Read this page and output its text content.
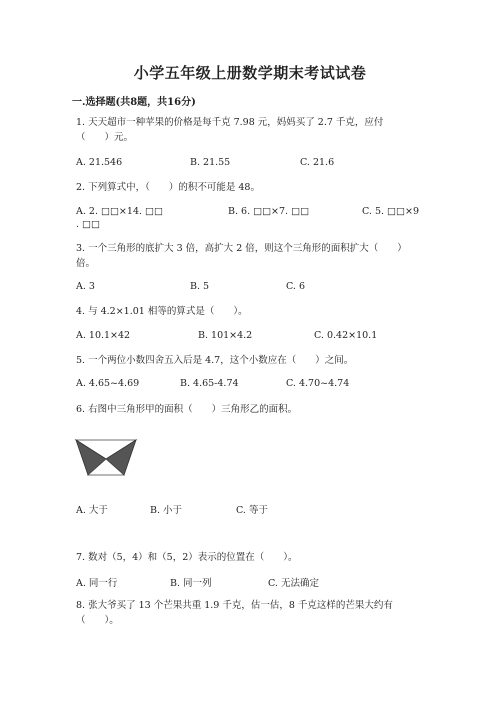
小学五年级上册数学期末考试试卷
一.选择题(共8题，共16分)
1. 天天超市一种苹果的价格是每千克 7.98 元，妈妈买了 2.7 千克，应付
（　　）元。
A. 21.546	B. 21.55	C. 21.6
2. 下列算式中，（　　）的积不可能是 48。
A. 2. □□×14. □□	B. 6. □□×7. □□	C. 5. □□×9
. □□
3. 一个三角形的底扩大 3 倍，高扩大 2 倍，则这个三角形的面积扩大（　　）
倍。
A. 3	B. 5	C. 6
4. 与 4.2×1.01 相等的算式是（　　）。
A. 10.1×42	B. 101×4.2	C. 0.42×10.1
5. 一个两位小数四舍五入后是 4.7，这个小数应在（　　）之间。
A. 4.65~4.69	B. 4.65-4.74	C. 4.70~4.74
6. 右图中三角形甲的面积（　　）三角形乙的面积。
A. 大于	B. 小于	C. 等于
7. 数对（5，4）和（5，2）表示的位置在（　　）。
A. 同一行	B. 同一列	C. 无法确定
8. 张大爷买了 13 个芒果共重 1.9 千克，估一估，8 千克这样的芒果大约有
（　　）。
